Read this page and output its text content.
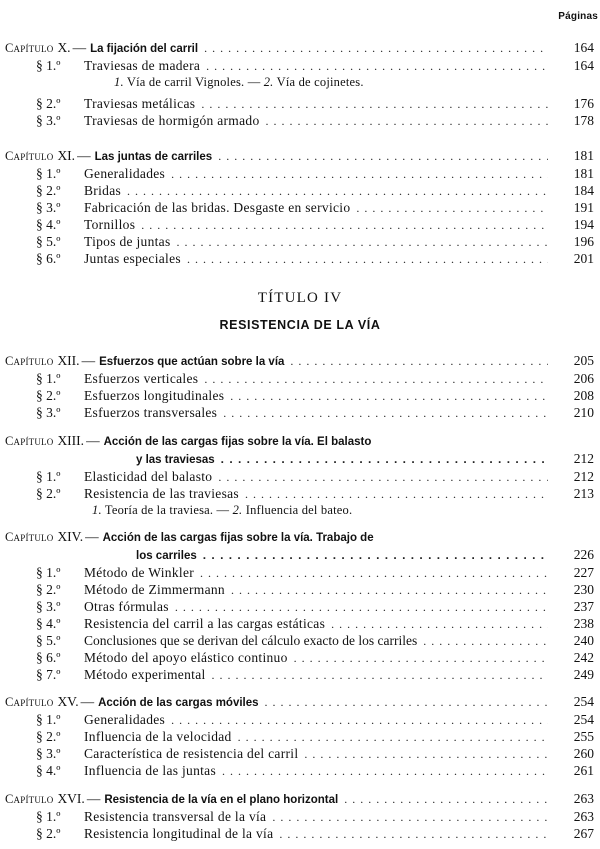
Páginas
Capítulo X. — La fijación del carril . . .	164
§ 1.º	Traviesas de madera . . .	164
1. Vía de carril Vignoles. — 2. Vía de cojinetes.
§ 2.º	Traviesas metálicas . . .	176
§ 3.º	Traviesas de hormigón armado . . .	178
Capítulo XI. — Las juntas de carriles . . .	181
§ 1.º	Generalidades . . .	181
§ 2.º	Bridas . . .	184
§ 3.º	Fabricación de las bridas. Desgaste en servicio . . .	191
§ 4.º	Tornillos . . .	194
§ 5.º	Tipos de juntas . . .	196
§ 6.º	Juntas especiales . . .	201
TÍTULO IV
RESISTENCIA DE LA VÍA
Capítulo XII. — Esfuerzos que actúan sobre la vía . . .	205
§ 1.º	Esfuerzos verticales . . .	206
§ 2.º	Esfuerzos longitudinales . . .	208
§ 3.º	Esfuerzos transversales . . .	210
Capítulo XIII. — Acción de las cargas fijas sobre la vía. El balasto
y las traviesas . . .	212
§ 1.º	Elasticidad del balasto . . .	212
§ 2.º	Resistencia de las traviesas . . .	213
1. Teoría de la traviesa. — 2. Influencia del bateo.
Capítulo XIV. — Acción de las cargas fijas sobre la vía. Trabajo de
los carriles . . .	226
§ 1.º	Método de Winkler . . .	227
§ 2.º	Método de Zimmermann . . .	230
§ 3.º	Otras fórmulas . . .	237
§ 4.º	Resistencia del carril a las cargas estáticas . . .	238
§ 5.º	Conclusiones que se derivan del cálculo exacto de los carriles . . .	240
§ 6.º	Método del apoyo elástico continuo . . .	242
§ 7.º	Método experimental . . .	249
Capítulo XV. — Acción de las cargas móviles . . .	254
§ 1.º	Generalidades . . .	254
§ 2.º	Influencia de la velocidad . . .	255
§ 3.º	Característica de resistencia del carril . . .	260
§ 4.º	Influencia de las juntas . . .	261
Capítulo XVI. — Resistencia de la vía en el plano horizontal . . .	263
§ 1.º	Resistencia transversal de la vía . . .	263
§ 2.º	Resistencia longitudinal de la vía . . .	267
